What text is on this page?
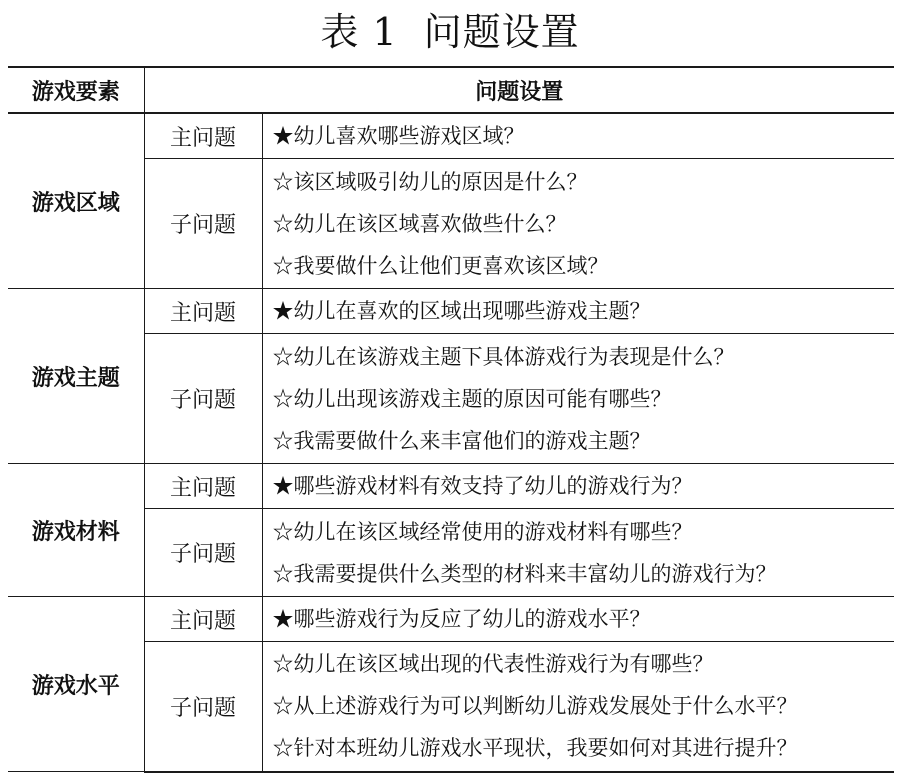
表 1 问题设置
游戏要素	问题设置	
游戏区域	主问题	★幼儿喜欢哪些游戏区域？

	子问题	☆该区域吸引幼儿的原因是什么？
☆幼儿在该区域喜欢做些什么？
☆我要做什么让他们更喜欢该区域？

游戏主题	主问题	★幼儿在喜欢的区域出现哪些游戏主题？

	子问题	☆幼儿在该游戏主题下具体游戏行为表现是什么？
☆幼儿出现该游戏主题的原因可能有哪些？
☆我需要做什么来丰富他们的游戏主题？

游戏材料	主问题	★哪些游戏材料有效支持了幼儿的游戏行为？

	子问题	☆幼儿在该区域经常使用的游戏材料有哪些？
☆我需要提供什么类型的材料来丰富幼儿的游戏行为？

游戏水平	主问题	★哪些游戏行为反应了幼儿的游戏水平？

	子问题	☆幼儿在该区域出现的代表性游戏行为有哪些？
☆从上述游戏行为可以判断幼儿游戏发展处于什么水平？
☆针对本班幼儿游戏水平现状，我要如何对其进行提升？
